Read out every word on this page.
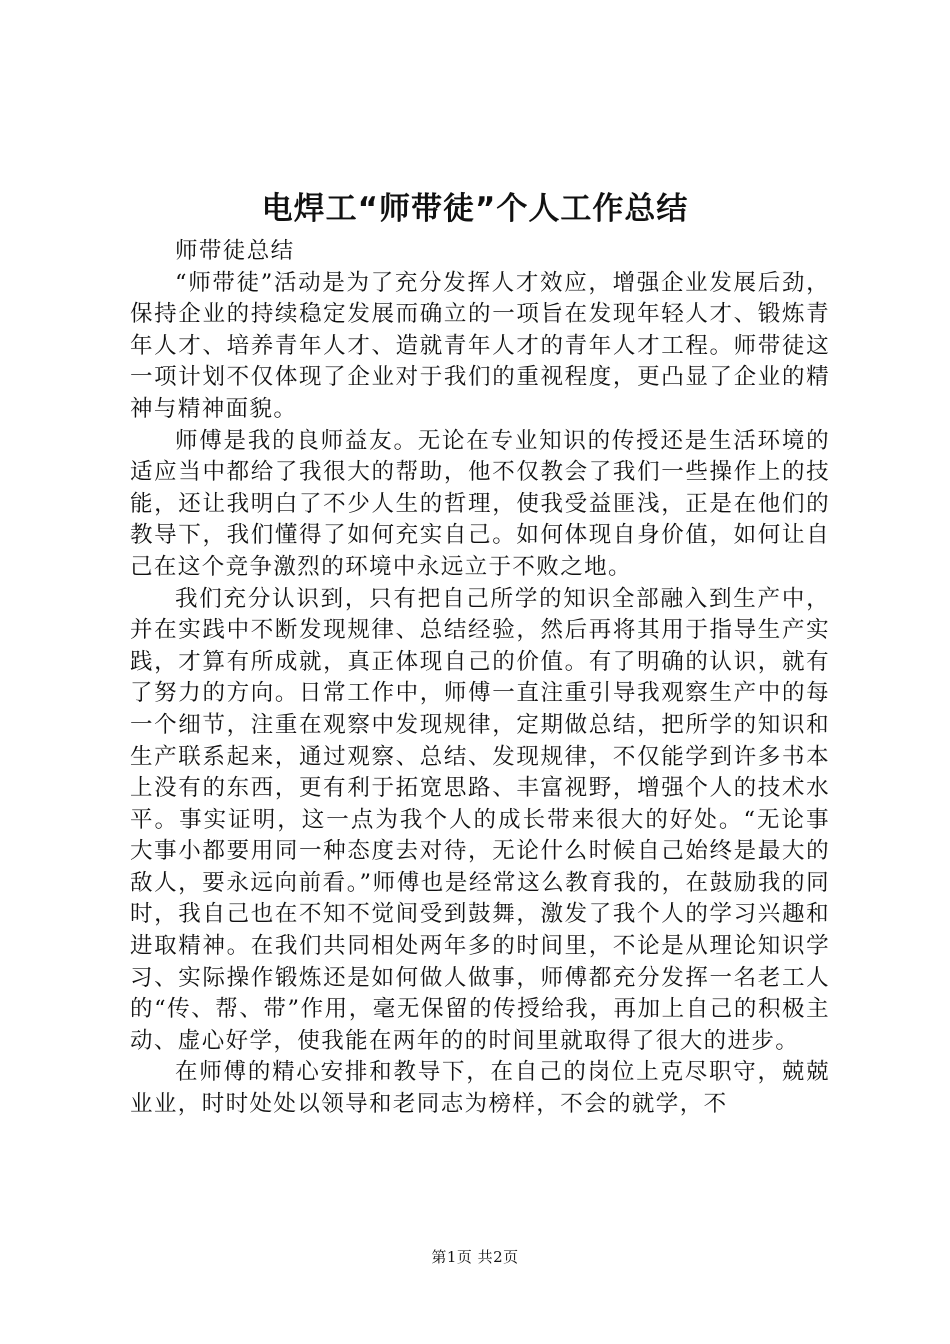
电焊工“师带徒”个人工作总结

师带徒总结

“师带徒”活动是为了充分发挥人才效应，增强企业发展后劲，保持企业的持续稳定发展而确立的一项旨在发现年轻人才、锻炼青年人才、培养青年人才、造就青年人才的青年人才工程。师带徒这一项计划不仅体现了企业对于我们的重视程度，更凸显了企业的精神与精神面貌。

师傅是我的良师益友。无论在专业知识的传授还是生活环境的适应当中都给了我很大的帮助，他不仅教会了我们一些操作上的技能，还让我明白了不少人生的哲理，使我受益匪浅，正是在他们的教导下，我们懂得了如何充实自己。如何体现自身价值，如何让自己在这个竞争激烈的环境中永远立于不败之地。

我们充分认识到，只有把自己所学的知识全部融入到生产中，并在实践中不断发现规律、总结经验，然后再将其用于指导生产实践，才算有所成就，真正体现自己的价值。有了明确的认识，就有了努力的方向。日常工作中，师傅一直注重引导我观察生产中的每一个细节，注重在观察中发现规律，定期做总结，把所学的知识和生产联系起来，通过观察、总结、发现规律，不仅能学到许多书本上没有的东西，更有利于拓宽思路、丰富视野，增强个人的技术水平。事实证明，这一点为我个人的成长带来很大的好处。“无论事大事小都要用同一种态度去对待，无论什么时候自己始终是最大的敌人，要永远向前看。”师傅也是经常这么教育我的，在鼓励我的同时，我自己也在不知不觉间受到鼓舞，激发了我个人的学习兴趣和进取精神。在我们共同相处两年多的时间里，不论是从理论知识学习、实际操作锻炼还是如何做人做事，师傅都充分发挥一名老工人的“传、帮、带”作用，毫无保留的传授给我，再加上自己的积极主动、虚心好学，使我能在两年的的时间里就取得了很大的进步。

在师傅的精心安排和教导下，在自己的岗位上克尽职守，兢兢业业，时时处处以领导和老同志为榜样，不会的就学，不

第1页 共2页
